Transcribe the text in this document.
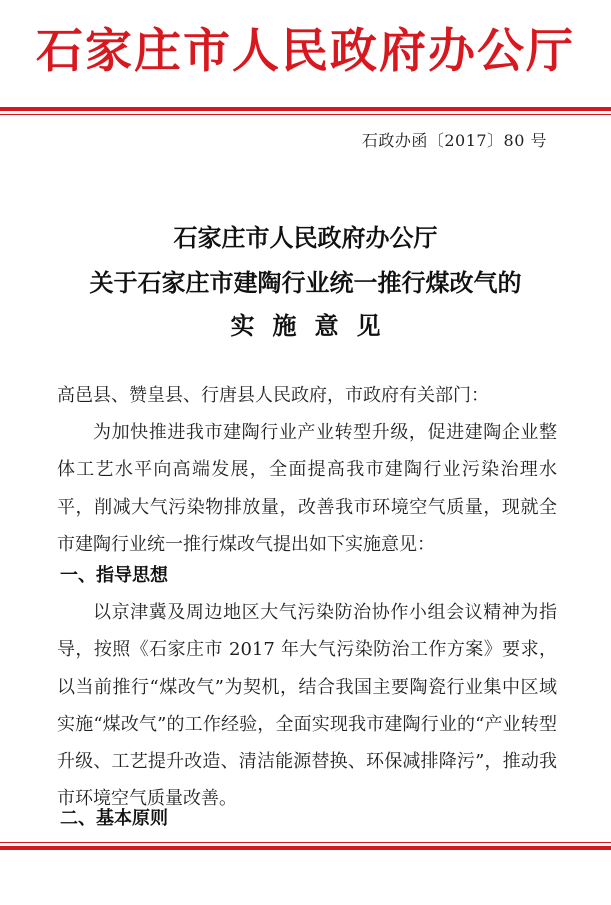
石家庄市人民政府办公厅
石政办函〔2017〕80 号
石家庄市人民政府办公厅
关于石家庄市建陶行业统一推行煤改气的
实施意见
高邑县、赞皇县、行唐县人民政府，市政府有关部门：
为加快推进我市建陶行业产业转型升级，促进建陶企业整体工艺水平向高端发展，全面提高我市建陶行业污染治理水平，削减大气污染物排放量，改善我市环境空气质量，现就全市建陶行业统一推行煤改气提出如下实施意见：
一、指导思想
以京津冀及周边地区大气污染防治协作小组会议精神为指导，按照《石家庄市 2017 年大气污染防治工作方案》要求，以当前推行“煤改气”为契机，结合我国主要陶瓷行业集中区域实施“煤改气”的工作经验，全面实现我市建陶行业的“产业转型升级、工艺提升改造、清洁能源替换、环保减排降污”，推动我市环境空气质量改善。
二、基本原则
